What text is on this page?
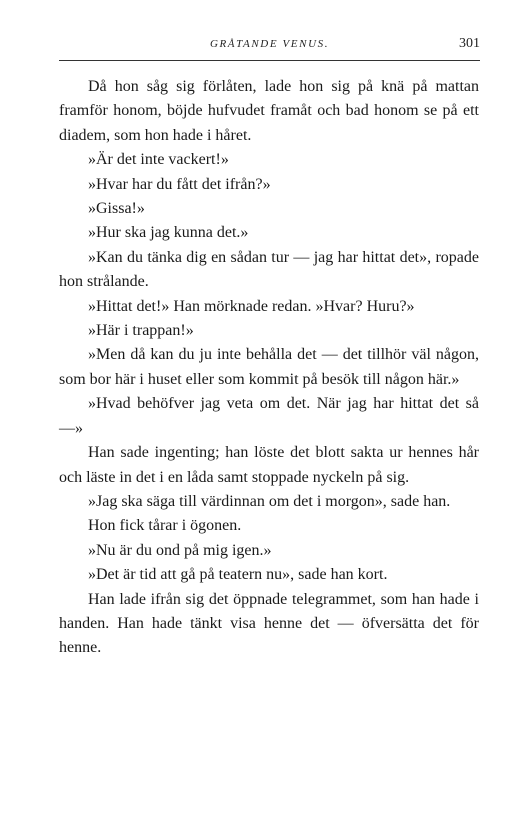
GRÅTANDE VENUS.	301

Då hon såg sig förlåten, lade hon sig på knä på mattan framför honom, böjde hufvudet framåt och bad honom se på ett diadem, som hon hade i håret.

»Är det inte vackert!»

»Hvar har du fått det ifrån?»

»Gissa!»

»Hur ska jag kunna det.»

»Kan du tänka dig en sådan tur — jag har hittat det», ropade hon strålande.

»Hittat det!» Han mörknade redan. »Hvar? Huru?»

»Här i trappan!»

»Men då kan du ju inte behålla det — det tillhör väl någon, som bor här i huset eller som kommit på besök till någon här.»

»Hvad behöfver jag veta om det. När jag har hittat det så —»

Han sade ingenting; han löste det blott sakta ur hennes hår och läste in det i en låda samt stoppade nyckeln på sig.

»Jag ska säga till värdinnan om det i morgon», sade han.

Hon fick tårar i ögonen.

»Nu är du ond på mig igen.»

»Det är tid att gå på teatern nu», sade han kort.

Han lade ifrån sig det öppnade telegrammet, som han hade i handen. Han hade tänkt visa henne det — öfversätta det för henne.
